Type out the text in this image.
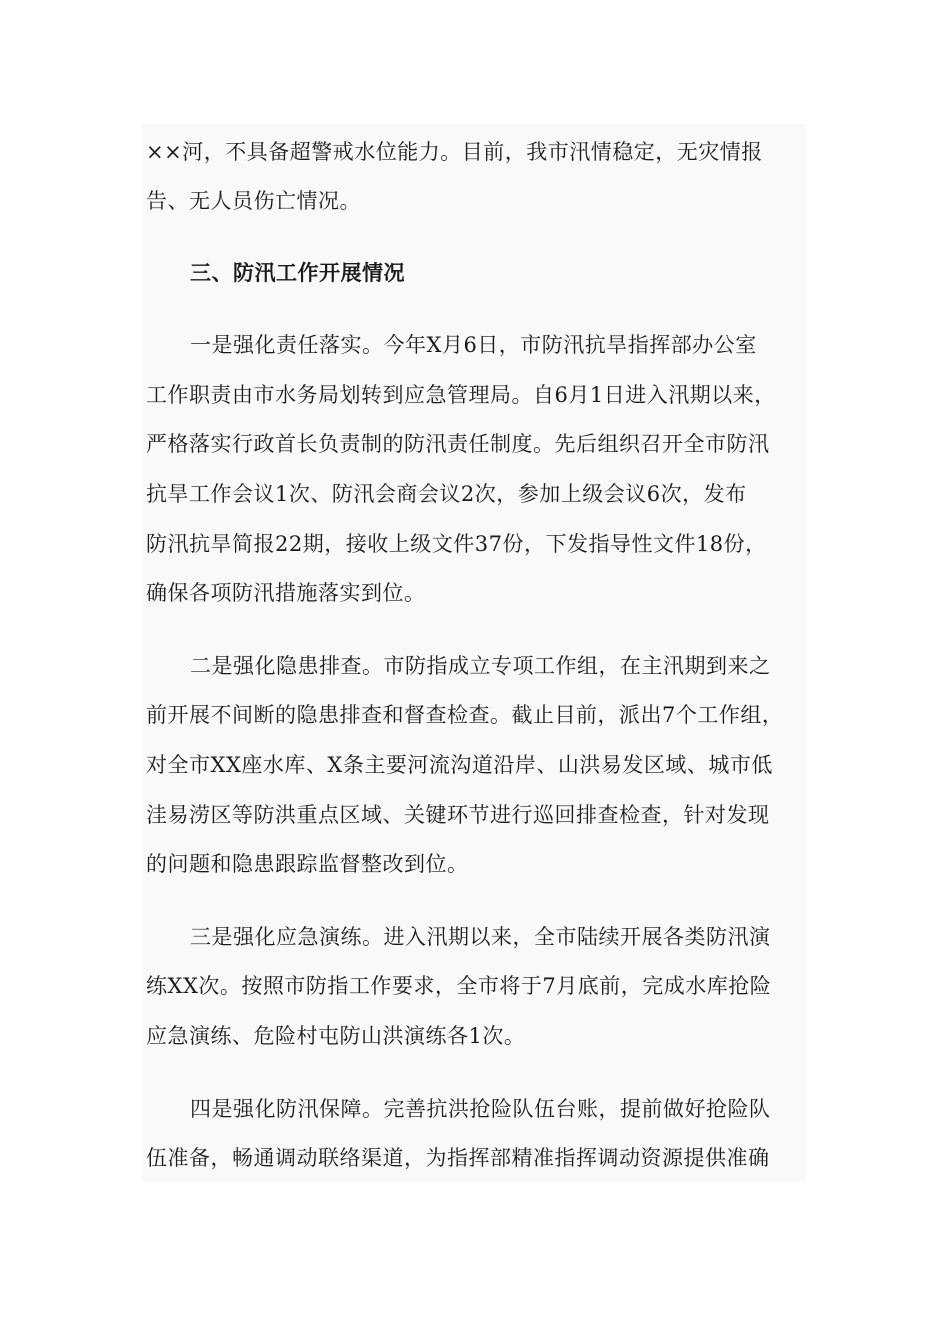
××河，不具备超警戒水位能力。目前，我市汛情稳定，无灾情报
告、无人员伤亡情况。
三、防汛工作开展情况
一是强化责任落实。今年X月6日，市防汛抗旱指挥部办公室
工作职责由市水务局划转到应急管理局。自6月1日进入汛期以来，
严格落实行政首长负责制的防汛责任制度。先后组织召开全市防汛
抗旱工作会议1次、防汛会商会议2次，参加上级会议6次，发布
防汛抗旱简报22期，接收上级文件37份，下发指导性文件18份，
确保各项防汛措施落实到位。
二是强化隐患排查。市防指成立专项工作组，在主汛期到来之
前开展不间断的隐患排查和督查检查。截止目前，派出7个工作组，
对全市XX座水库、X条主要河流沟道沿岸、山洪易发区域、城市低
洼易涝区等防洪重点区域、关键环节进行巡回排查检查，针对发现
的问题和隐患跟踪监督整改到位。
三是强化应急演练。进入汛期以来，全市陆续开展各类防汛演
练XX次。按照市防指工作要求，全市将于7月底前，完成水库抢险
应急演练、危险村屯防山洪演练各1次。
四是强化防汛保障。完善抗洪抢险队伍台账，提前做好抢险队
伍准备，畅通调动联络渠道，为指挥部精准指挥调动资源提供准确
